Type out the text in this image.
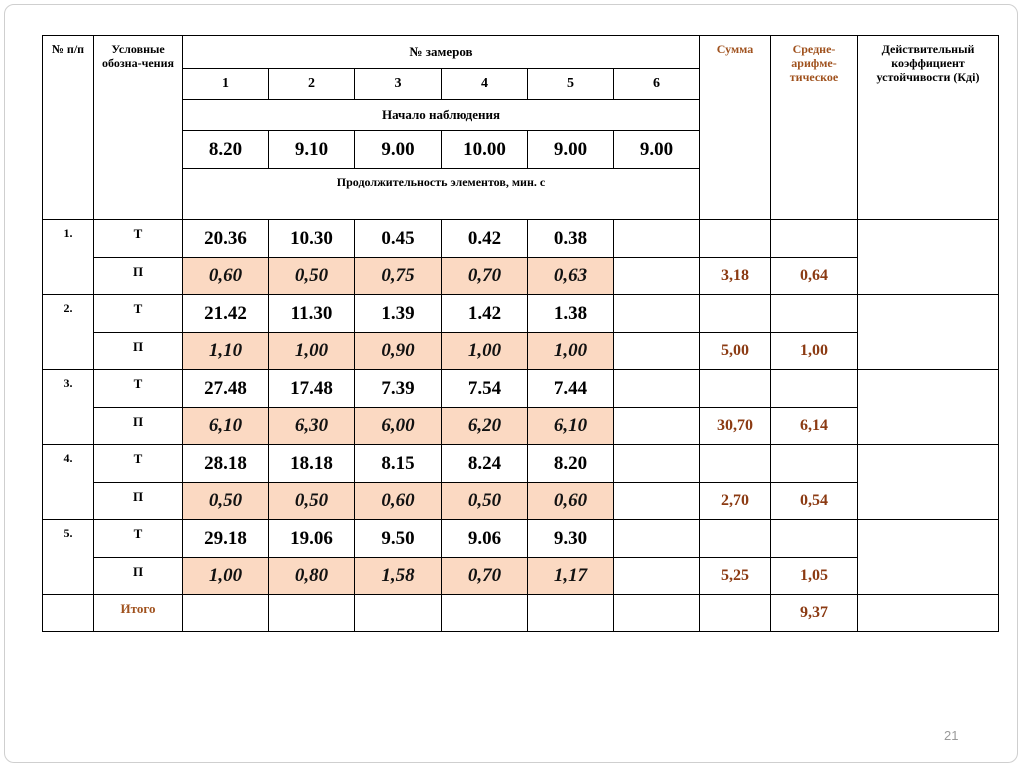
№ п/п	Условные обозна-чения	№ замеров						Сумма	Средне-арифме-тическое	Действительный коэффициент устойчивости (Кдi)
		1	2	3	4	5	6			
		Начало наблюдения								
		8.20	9.10	9.00	10.00	9.00	9.00			
		Продолжительность элементов, мин. с								
1.	Т	20.36	10.30	0.45	0.42	0.38				
	П	0,60	0,50	0,75	0,70	0,63		3,18	0,64	
2.	Т	21.42	11.30	1.39	1.42	1.38				
	П	1,10	1,00	0,90	1,00	1,00		5,00	1,00	
3.	Т	27.48	17.48	7.39	7.54	7.44				
	П	6,10	6,30	6,00	6,20	6,10		30,70	6,14	
4.	Т	28.18	18.18	8.15	8.24	8.20				
	П	0,50	0,50	0,60	0,50	0,60		2,70	0,54	
5.	Т	29.18	19.06	9.50	9.06	9.30				
	П	1,00	0,80	1,58	0,70	1,17		5,25	1,05	
	Итого								9,37	
21
